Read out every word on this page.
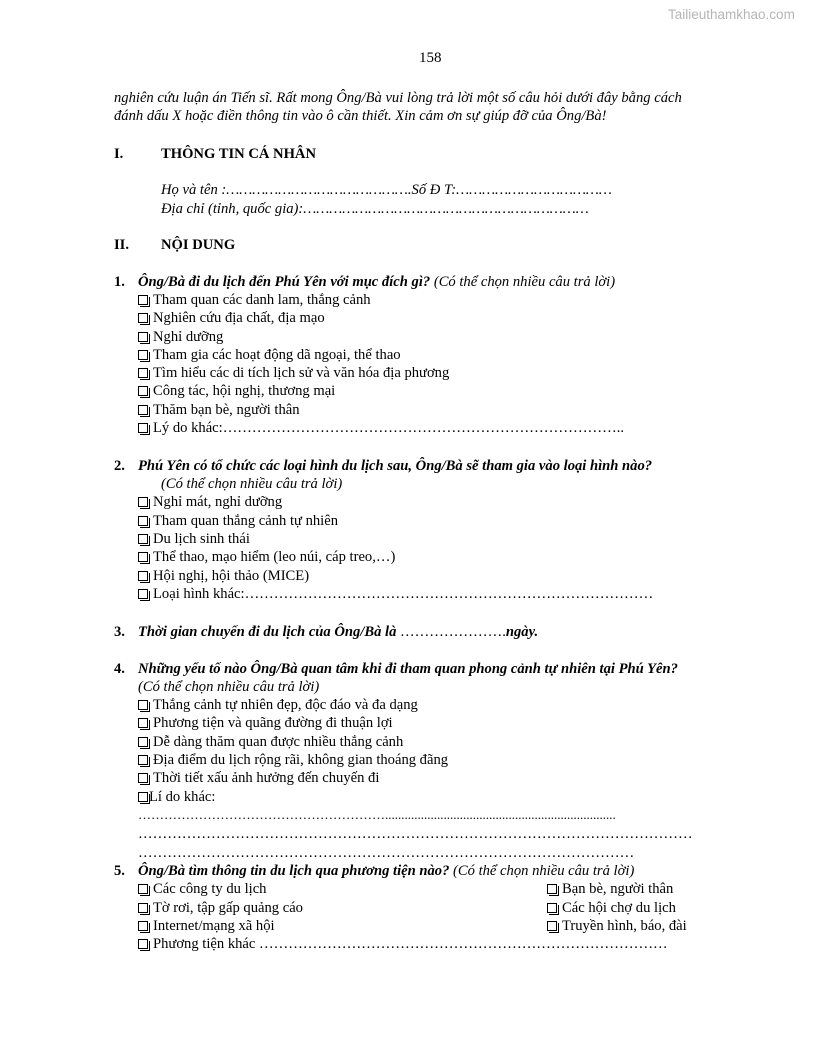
Tailieuthamkhao.com
158
nghiên cứu luận án Tiến sĩ. Rất mong Ông/Bà vui lòng trả lời một số câu hỏi dưới đây bằng cách
đánh dấu X hoặc điền thông tin vào ô cần thiết. Xin cảm ơn sự giúp đỡ của Ông/Bà!
I.	THÔNG TIN CÁ NHÂN
Họ và tên :…………………………………….Số Đ T:………………………………
Địa chỉ (tỉnh, quốc gia):…………………………………………………………
II. NỘI DUNG
1. Ông/Bà đi du lịch đến Phú Yên với mục đích gì? (Có thể chọn nhiều câu trả lời)
Tham quan các danh lam, thắng cảnh
Nghiên cứu địa chất, địa mạo
Nghỉ dưỡng
Tham gia các hoạt động dã ngoại, thể thao
Tìm hiểu các di tích lịch sử và văn hóa địa phương
Công tác, hội nghị, thương mại
Thăm bạn bè, người thân
Lý do khác:………………………………………………………………………..
2. Phú Yên có tổ chức các loại hình du lịch sau, Ông/Bà sẽ tham gia vào loại hình nào?
(Có thể chọn nhiều câu trả lời)
Nghỉ mát, nghỉ dưỡng
Tham quan thắng cảnh tự nhiên
Du lịch sinh thái
Thể thao, mạo hiểm (leo núi, cáp treo,…)
Hội nghị, hội thảo (MICE)
Loại hình khác:…………………………………………………………………………
3. Thời gian chuyến đi du lịch của Ông/Bà là ………………….ngày.
4. Những yếu tố nào Ông/Bà quan tâm khi đi tham quan phong cảnh tự nhiên tại Phú Yên?
(Có thể chọn nhiều câu trả lời)
Thắng cảnh tự nhiên đẹp, độc đáo và đa dạng
Phương tiện và quãng đường đi thuận lợi
Dễ dàng thăm quan được nhiều thắng cảnh
Địa điểm du lịch rộng rãi, không gian thoáng đãng
Thời tiết xấu ảnh hưởng đến chuyến đi
Lí do khác:
………………………………………………….......................................................................
……………………………………………………………………………………………………
…………………………………………………………………………………………
5. Ông/Bà tìm thông tin du lịch qua phương tiện nào? (Có thể chọn nhiều câu trả lời)
Các công ty du lịch
Tờ rơi, tập gấp quảng cáo
Internet/mạng xã hội
Phương tiện khác …………………………………………………………………………
Bạn bè, người thân
Các hội chợ du lịch
Truyền hình, báo, đài
